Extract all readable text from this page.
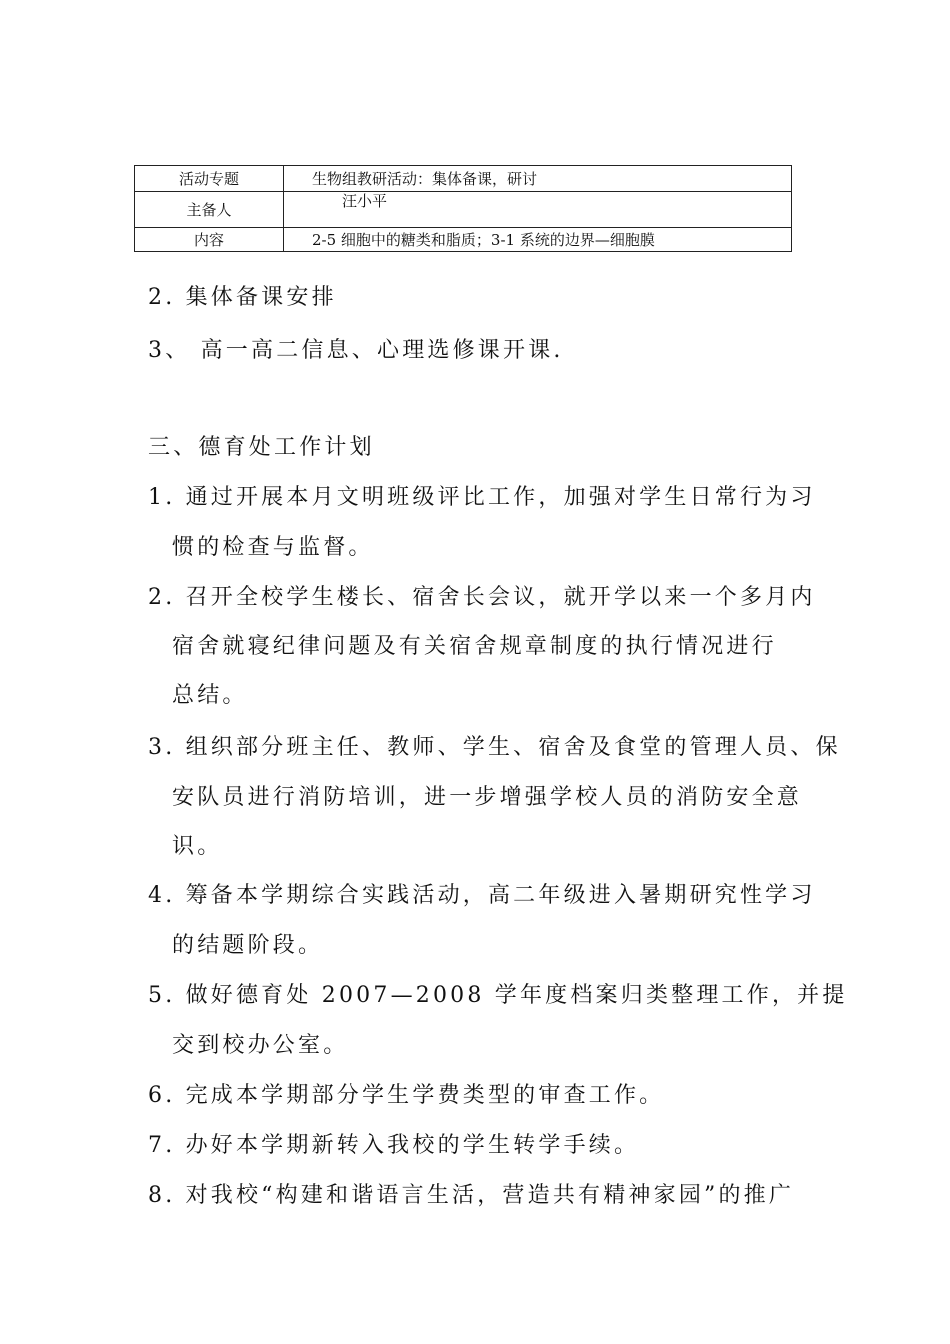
活动专题	生物组教研活动：集体备课，研讨
主备人	汪小平
内容	2-5 细胞中的糖类和脂质；3-1 系统的边界—细胞膜
2. 集体备课安排
3、 高一高二信息、心理选修课开课.
三、德育处工作计划
1. 通过开展本月文明班级评比工作，加强对学生日常行为习
惯的检查与监督。
2. 召开全校学生楼长、宿舍长会议，就开学以来一个多月内
宿舍就寝纪律问题及有关宿舍规章制度的执行情况进行
总结。
3. 组织部分班主任、教师、学生、宿舍及食堂的管理人员、保
安队员进行消防培训，进一步增强学校人员的消防安全意
识。
4. 筹备本学期综合实践活动，高二年级进入暑期研究性学习
的结题阶段。
5. 做好德育处 2007—2008 学年度档案归类整理工作，并提
交到校办公室。
6. 完成本学期部分学生学费类型的审查工作。
7. 办好本学期新转入我校的学生转学手续。
8. 对我校“构建和谐语言生活，营造共有精神家园”的推广
